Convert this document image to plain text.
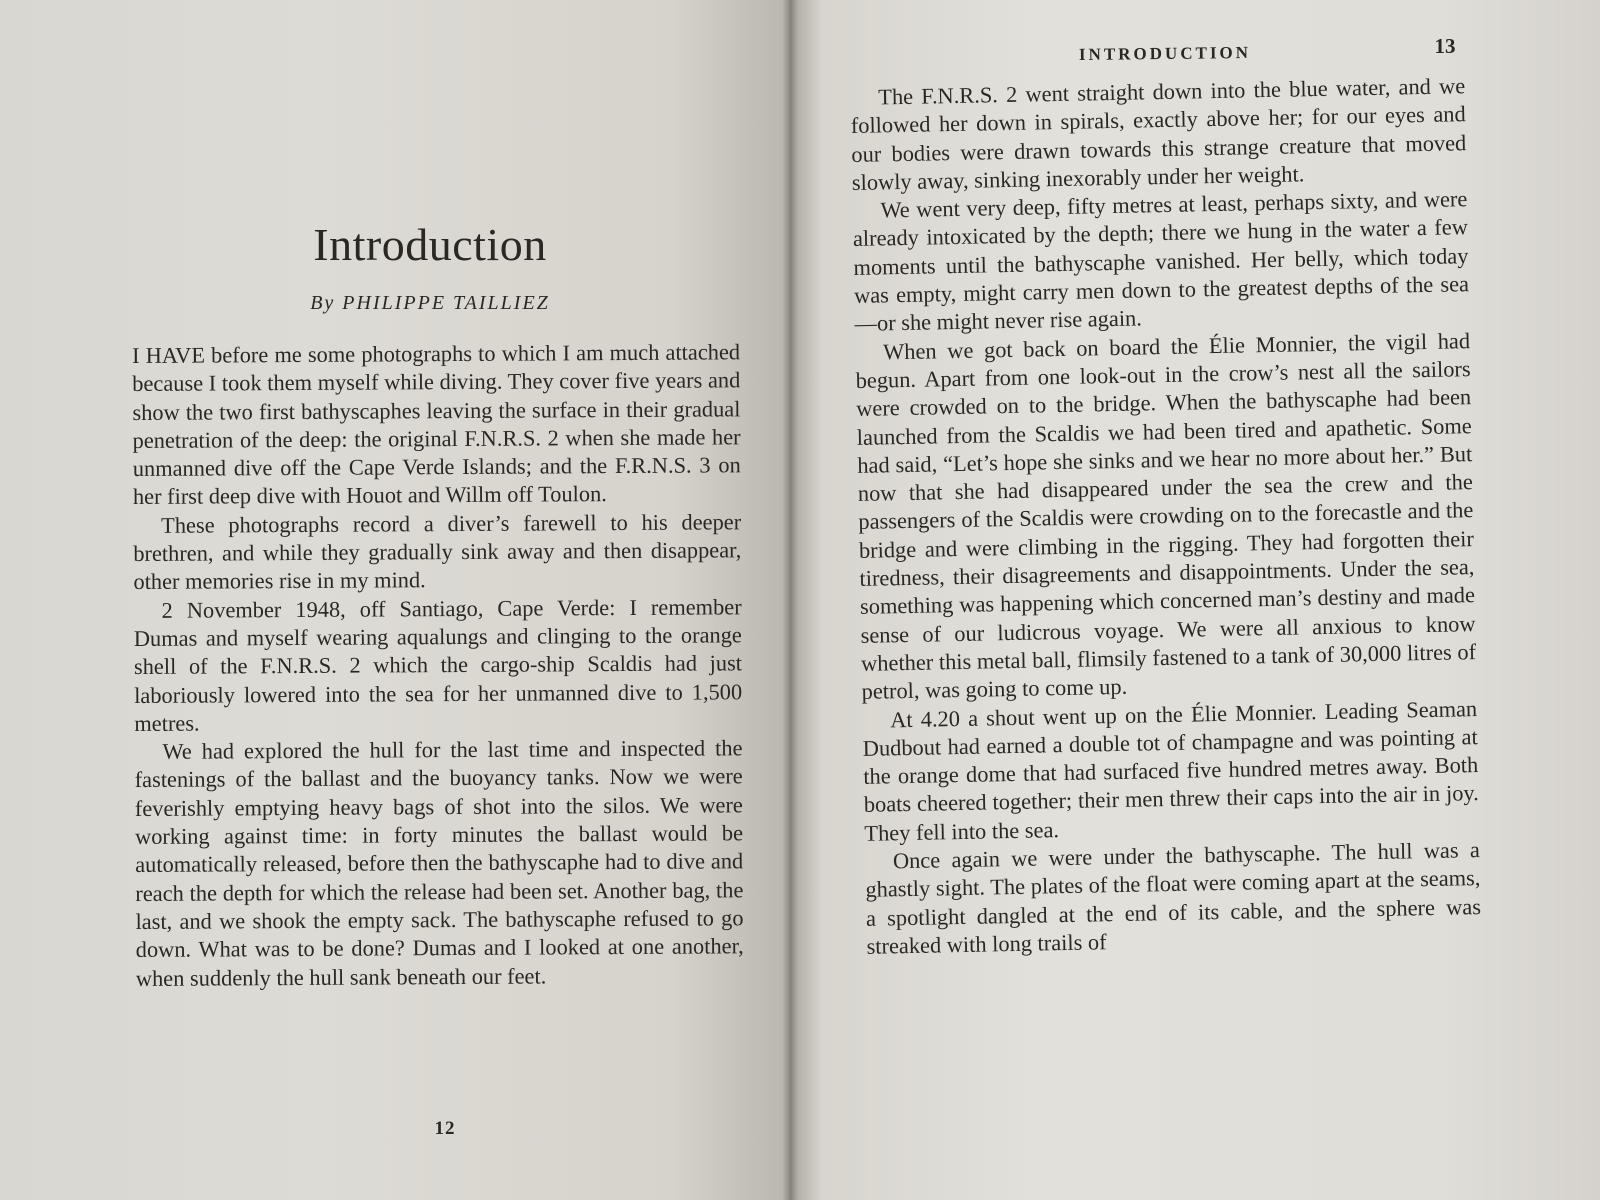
Introduction
By PHILIPPE TAILLIEZ

I HAVE before me some photographs to which I am much attached because I took them myself while diving. They cover five years and show the two first bathyscaphes leaving the surface in their gradual penetration of the deep: the original F.N.R.S. 2 when she made her unmanned dive off the Cape Verde Islands; and the F.R.N.S. 3 on her first deep dive with Houot and Willm off Toulon.

These photographs record a diver’s farewell to his deeper brethren, and while they gradually sink away and then disappear, other memories rise in my mind.

2 November 1948, off Santiago, Cape Verde: I remember Dumas and myself wearing aqualungs and clinging to the orange shell of the F.N.R.S. 2 which the cargo-ship Scaldis had just laboriously lowered into the sea for her unmanned dive to 1,500 metres.

We had explored the hull for the last time and inspected the fastenings of the ballast and the buoyancy tanks. Now we were feverishly emptying heavy bags of shot into the silos. We were working against time: in forty minutes the ballast would be automatically released, before then the bathyscaphe had to dive and reach the depth for which the release had been set. Another bag, the last, and we shook the empty sack. The bathyscaphe refused to go down. What was to be done? Dumas and I looked at one another, when suddenly the hull sank beneath our feet.

12
INTRODUCTION	13

The F.N.R.S. 2 went straight down into the blue water, and we followed her down in spirals, exactly above her; for our eyes and our bodies were drawn towards this strange creature that moved slowly away, sinking inexorably under her weight.

We went very deep, fifty metres at least, perhaps sixty, and were already intoxicated by the depth; there we hung in the water a few moments until the bathyscaphe vanished. Her belly, which today was empty, might carry men down to the greatest depths of the sea—or she might never rise again.

When we got back on board the Élie Monnier, the vigil had begun. Apart from one look-out in the crow’s nest all the sailors were crowded on to the bridge. When the bathyscaphe had been launched from the Scaldis we had been tired and apathetic. Some had said, “Let’s hope she sinks and we hear no more about her.” But now that she had disappeared under the sea the crew and the passengers of the Scaldis were crowding on to the forecastle and the bridge and were climbing in the rigging. They had forgotten their tiredness, their disagreements and disappointments. Under the sea, something was happening which concerned man’s destiny and made sense of our ludicrous voyage. We were all anxious to know whether this metal ball, flimsily fastened to a tank of 30,000 litres of petrol, was going to come up.

At 4.20 a shout went up on the Élie Monnier. Leading Seaman Dudbout had earned a double tot of champagne and was pointing at the orange dome that had surfaced five hundred metres away. Both boats cheered together; their men threw their caps into the air in joy. They fell into the sea.

Once again we were under the bathyscaphe. The hull was a ghastly sight. The plates of the float were coming apart at the seams, a spotlight dangled at the end of its cable, and the sphere was streaked with long trails of
